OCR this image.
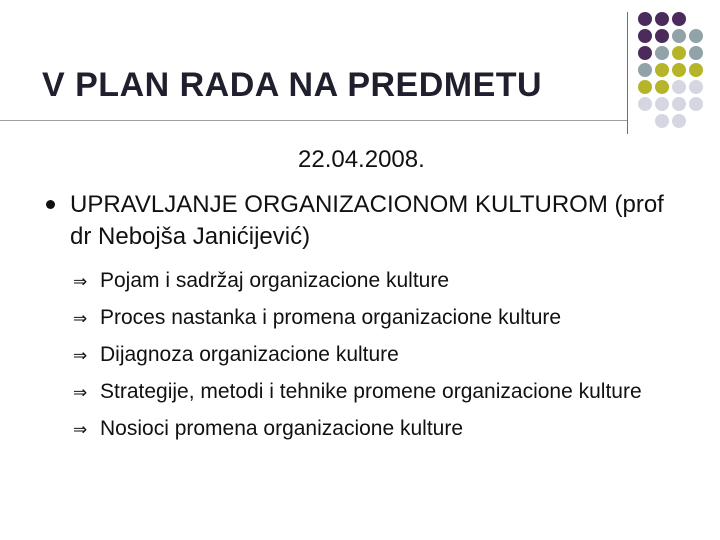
V PLAN RADA NA PREDMETU
22.04.2008.
UPRAVLJANJE ORGANIZACIONOM KULTUROM (prof dr Nebojša Janićijević)
⇒ Pojam i sadržaj organizacione kulture
⇒ Proces nastanka i promena organizacione kulture
⇒ Dijagnoza organizacione kulture
⇒ Strategije, metodi i tehnike promene organizacione kulture
⇒ Nosioci promena organizacione kulture
